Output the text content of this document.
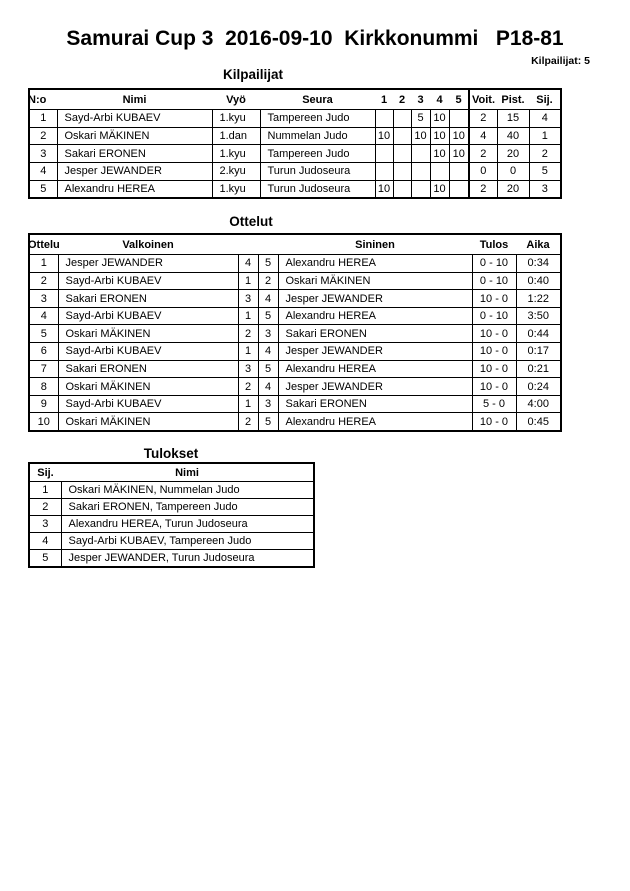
Samurai Cup 3  2016-09-10  Kirkkonummi   P18-81
Kilpailijat: 5
Kilpailijat
N:o	Nimi	Vyö	Seura	1	2	3	4	5	Voit.	Pist.	Sij.
1	Sayd-Arbi KUBAEV	1.kyu	Tampereen Judo			5	10		2	15	4
2	Oskari MÄKINEN	1.dan	Nummelan Judo	10		10	10	10	4	40	1
3	Sakari ERONEN	1.kyu	Tampereen Judo				10	10	2	20	2
4	Jesper JEWANDER	2.kyu	Turun Judoseura						0	0	5
5	Alexandru HEREA	1.kyu	Turun Judoseura	10			10		2	20	3
Ottelut
Ottelu	Valkoinen			Sininen	Tulos	Aika
1	Jesper JEWANDER	4	5	Alexandru HEREA	0 - 10	0:34
2	Sayd-Arbi KUBAEV	1	2	Oskari MÄKINEN	0 - 10	0:40
3	Sakari ERONEN	3	4	Jesper JEWANDER	10 - 0	1:22
4	Sayd-Arbi KUBAEV	1	5	Alexandru HEREA	0 - 10	3:50
5	Oskari MÄKINEN	2	3	Sakari ERONEN	10 - 0	0:44
6	Sayd-Arbi KUBAEV	1	4	Jesper JEWANDER	10 - 0	0:17
7	Sakari ERONEN	3	5	Alexandru HEREA	10 - 0	0:21
8	Oskari MÄKINEN	2	4	Jesper JEWANDER	10 - 0	0:24
9	Sayd-Arbi KUBAEV	1	3	Sakari ERONEN	5 - 0	4:00
10	Oskari MÄKINEN	2	5	Alexandru HEREA	10 - 0	0:45
Tulokset
Sij.	Nimi
1	Oskari MÄKINEN, Nummelan Judo
2	Sakari ERONEN, Tampereen Judo
3	Alexandru HEREA, Turun Judoseura
4	Sayd-Arbi KUBAEV, Tampereen Judo
5	Jesper JEWANDER, Turun Judoseura
